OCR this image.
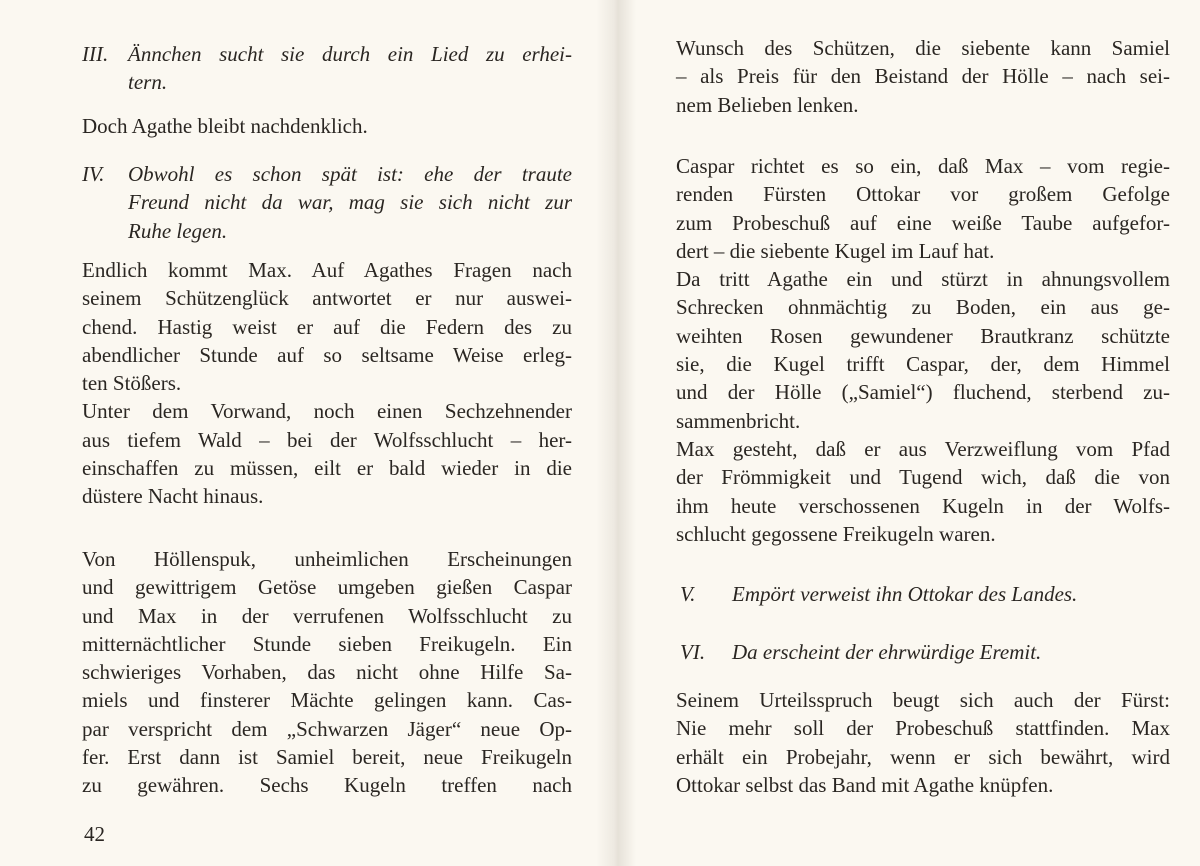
III. Ännchen sucht sie durch ein Lied zu erhei-
tern.
Doch Agathe bleibt nachdenklich.
IV. Obwohl es schon spät ist: ehe der traute
Freund nicht da war, mag sie sich nicht zur
Ruhe legen.
Endlich kommt Max. Auf Agathes Fragen nach
seinem Schützenglück antwortet er nur auswei-
chend. Hastig weist er auf die Federn des zu
abendlicher Stunde auf so seltsame Weise erleg-
ten Stößers.
Unter dem Vorwand, noch einen Sechzehnender
aus tiefem Wald – bei der Wolfsschlucht – her-
einschaffen zu müssen, eilt er bald wieder in die
düstere Nacht hinaus.
Von Höllenspuk, unheimlichen Erscheinungen
und gewittrigem Getöse umgeben gießen Caspar
und Max in der verrufenen Wolfsschlucht zu
mitternächtlicher Stunde sieben Freikugeln. Ein
schwieriges Vorhaben, das nicht ohne Hilfe Sa-
miels und finsterer Mächte gelingen kann. Cas-
par verspricht dem „Schwarzen Jäger“ neue Op-
fer. Erst dann ist Samiel bereit, neue Freikugeln
zu gewähren. Sechs Kugeln treffen nach
42
Wunsch des Schützen, die siebente kann Samiel
– als Preis für den Beistand der Hölle – nach sei-
nem Belieben lenken.
Caspar richtet es so ein, daß Max – vom regie-
renden Fürsten Ottokar vor großem Gefolge
zum Probeschuß auf eine weiße Taube aufgefor-
dert – die siebente Kugel im Lauf hat.
Da tritt Agathe ein und stürzt in ahnungsvollem
Schrecken ohnmächtig zu Boden, ein aus ge-
weihten Rosen gewundener Brautkranz schützte
sie, die Kugel trifft Caspar, der, dem Himmel
und der Hölle („Samiel“) fluchend, sterbend zu-
sammenbricht.
Max gesteht, daß er aus Verzweiflung vom Pfad
der Frömmigkeit und Tugend wich, daß die von
ihm heute verschossenen Kugeln in der Wolfs-
schlucht gegossene Freikugeln waren.
V. Empört verweist ihn Ottokar des Landes.
VI. Da erscheint der ehrwürdige Eremit.
Seinem Urteilsspruch beugt sich auch der Fürst:
Nie mehr soll der Probeschuß stattfinden. Max
erhält ein Probejahr, wenn er sich bewährt, wird
Ottokar selbst das Band mit Agathe knüpfen.
